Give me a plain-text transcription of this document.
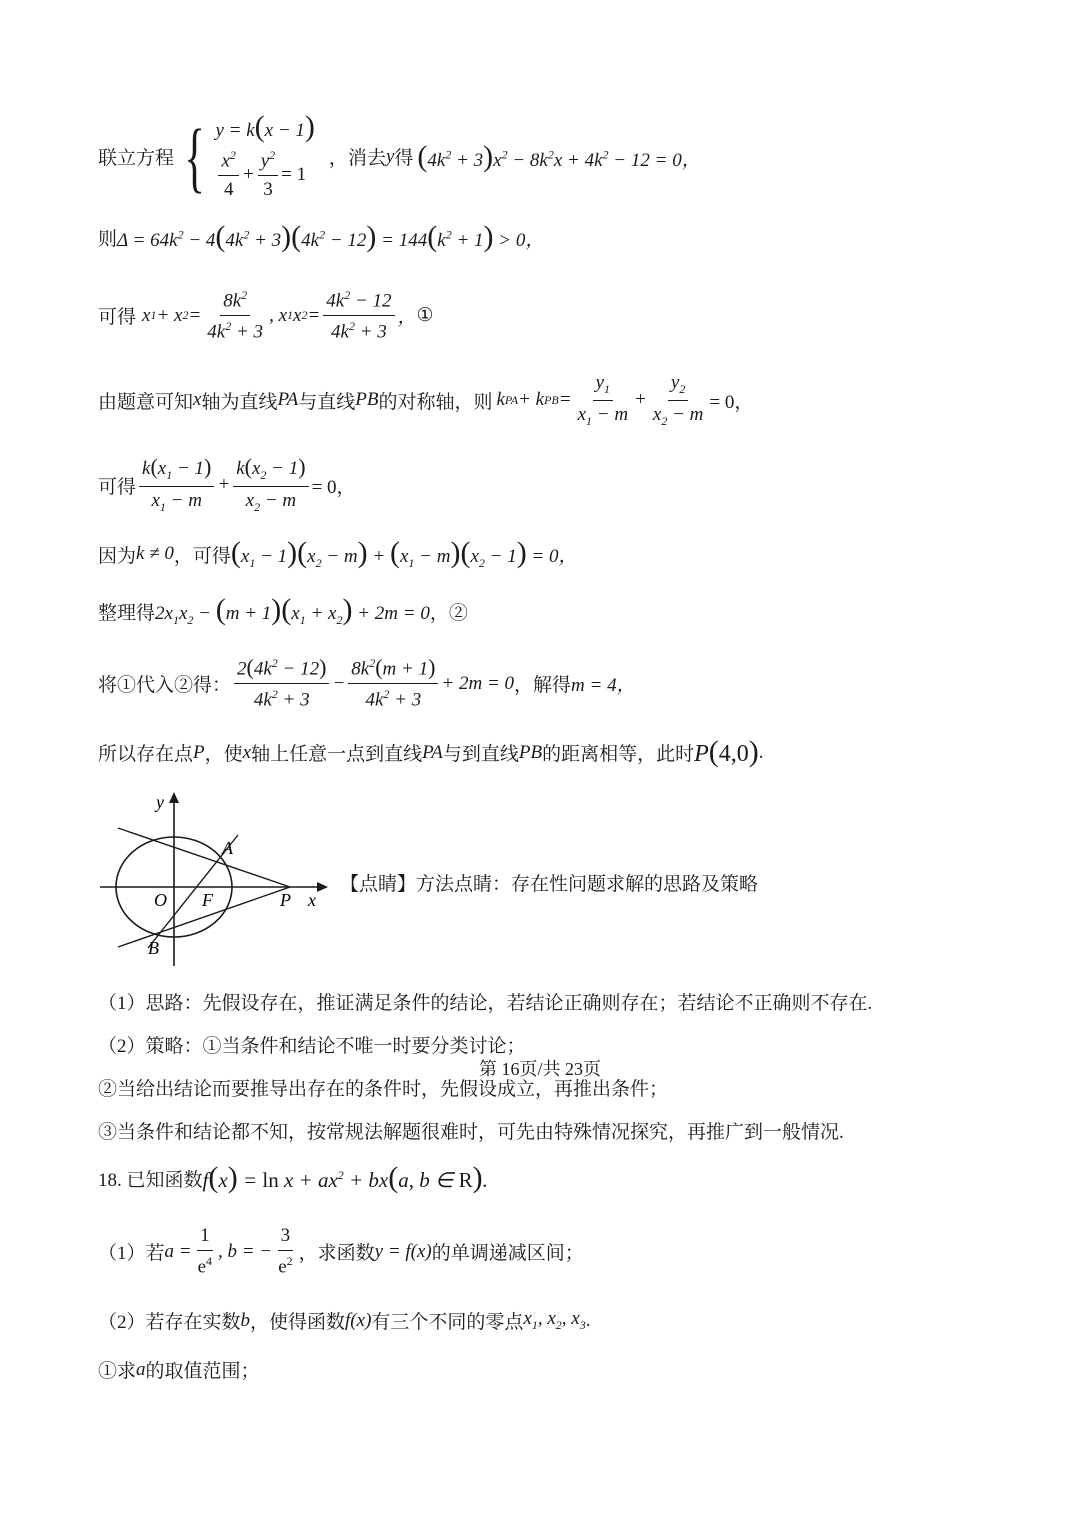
联立方程 { y = k(x − 1)
$\frac{x^2}{4} + \frac{y^2}{3} = 1$
，消去 y 得 $(4k^2 + 3)x^2 - 8k^2x + 4k^2 - 12 = 0$，
则 $\Delta = 64k^2 - 4(4k^2 + 3)(4k^2 - 12) = 144(k^2 + 1) > 0$，
可得 x 1 + x $2 = \frac{8k^2}{4k^2 + 3}$ , x 1 x $2 = \frac{4k^2 - 12}{4k^2 + 3}$ ， ①
由题意可知 x 轴为直线 PA 与直线 PB 的对称轴，则 k PA + k PB = $\frac{y_1}{x_1 - m} + \frac{y_2}{x_2 - m} = 0$，
可得 $\frac{k(x_1 - 1)}{x_1 - m} + \frac{k(x_2 - 1)}{x_2 - m} = 0$，
因为 k ≠ 0 ，可得 $(x_1 - 1)(x_2 - m) + (x_1 - m)(x_2 - 1) = 0$，
整理得 $2x_1x_2 - (m + 1)(x_1 + x_2) + 2m = 0$ ，②
将①代入②得： $\frac{2(4k^2 - 12)}{4k^2 + 3} - \frac{8k^2(m + 1)}{4k^2 + 3} + 2m = 0$ ，解得 m = 4，
所以存在点 P ，使 x 轴上任意一点到直线 PA 与到直线 PB 的距离相等，此时 P(4,0) .
y
x
O F	P
A
B
【点睛】方法点睛：存在性问题求解的思路及策略
（1）思路：先假设存在，推证满足条件的结论，若结论正确则存在；若结论不正确则不存在.
（2）策略：①当条件和结论不唯一时要分类讨论；
②当给出结论而要推导出存在的条件时，先假设成立，再推出条件；
③当条件和结论都不知，按常规法解题很难时，可先由特殊情况探究，再推广到一般情况.
18. 已知函数 $f(x) = \ln x + ax^2 + bx(a$, b ∈ R).
（1）若 $a = \frac{1}{e^4}$ , b = − $\frac{3}{e^2}$ ，求函数 y = f(x) 的单调递减区间；
（2）若存在实数 b ，使得函数 f(x) 有三个不同的零点 $x_1$, $x_2$, $x_3$ .
①求 a 的取值范围；
第 16页/共 23页
